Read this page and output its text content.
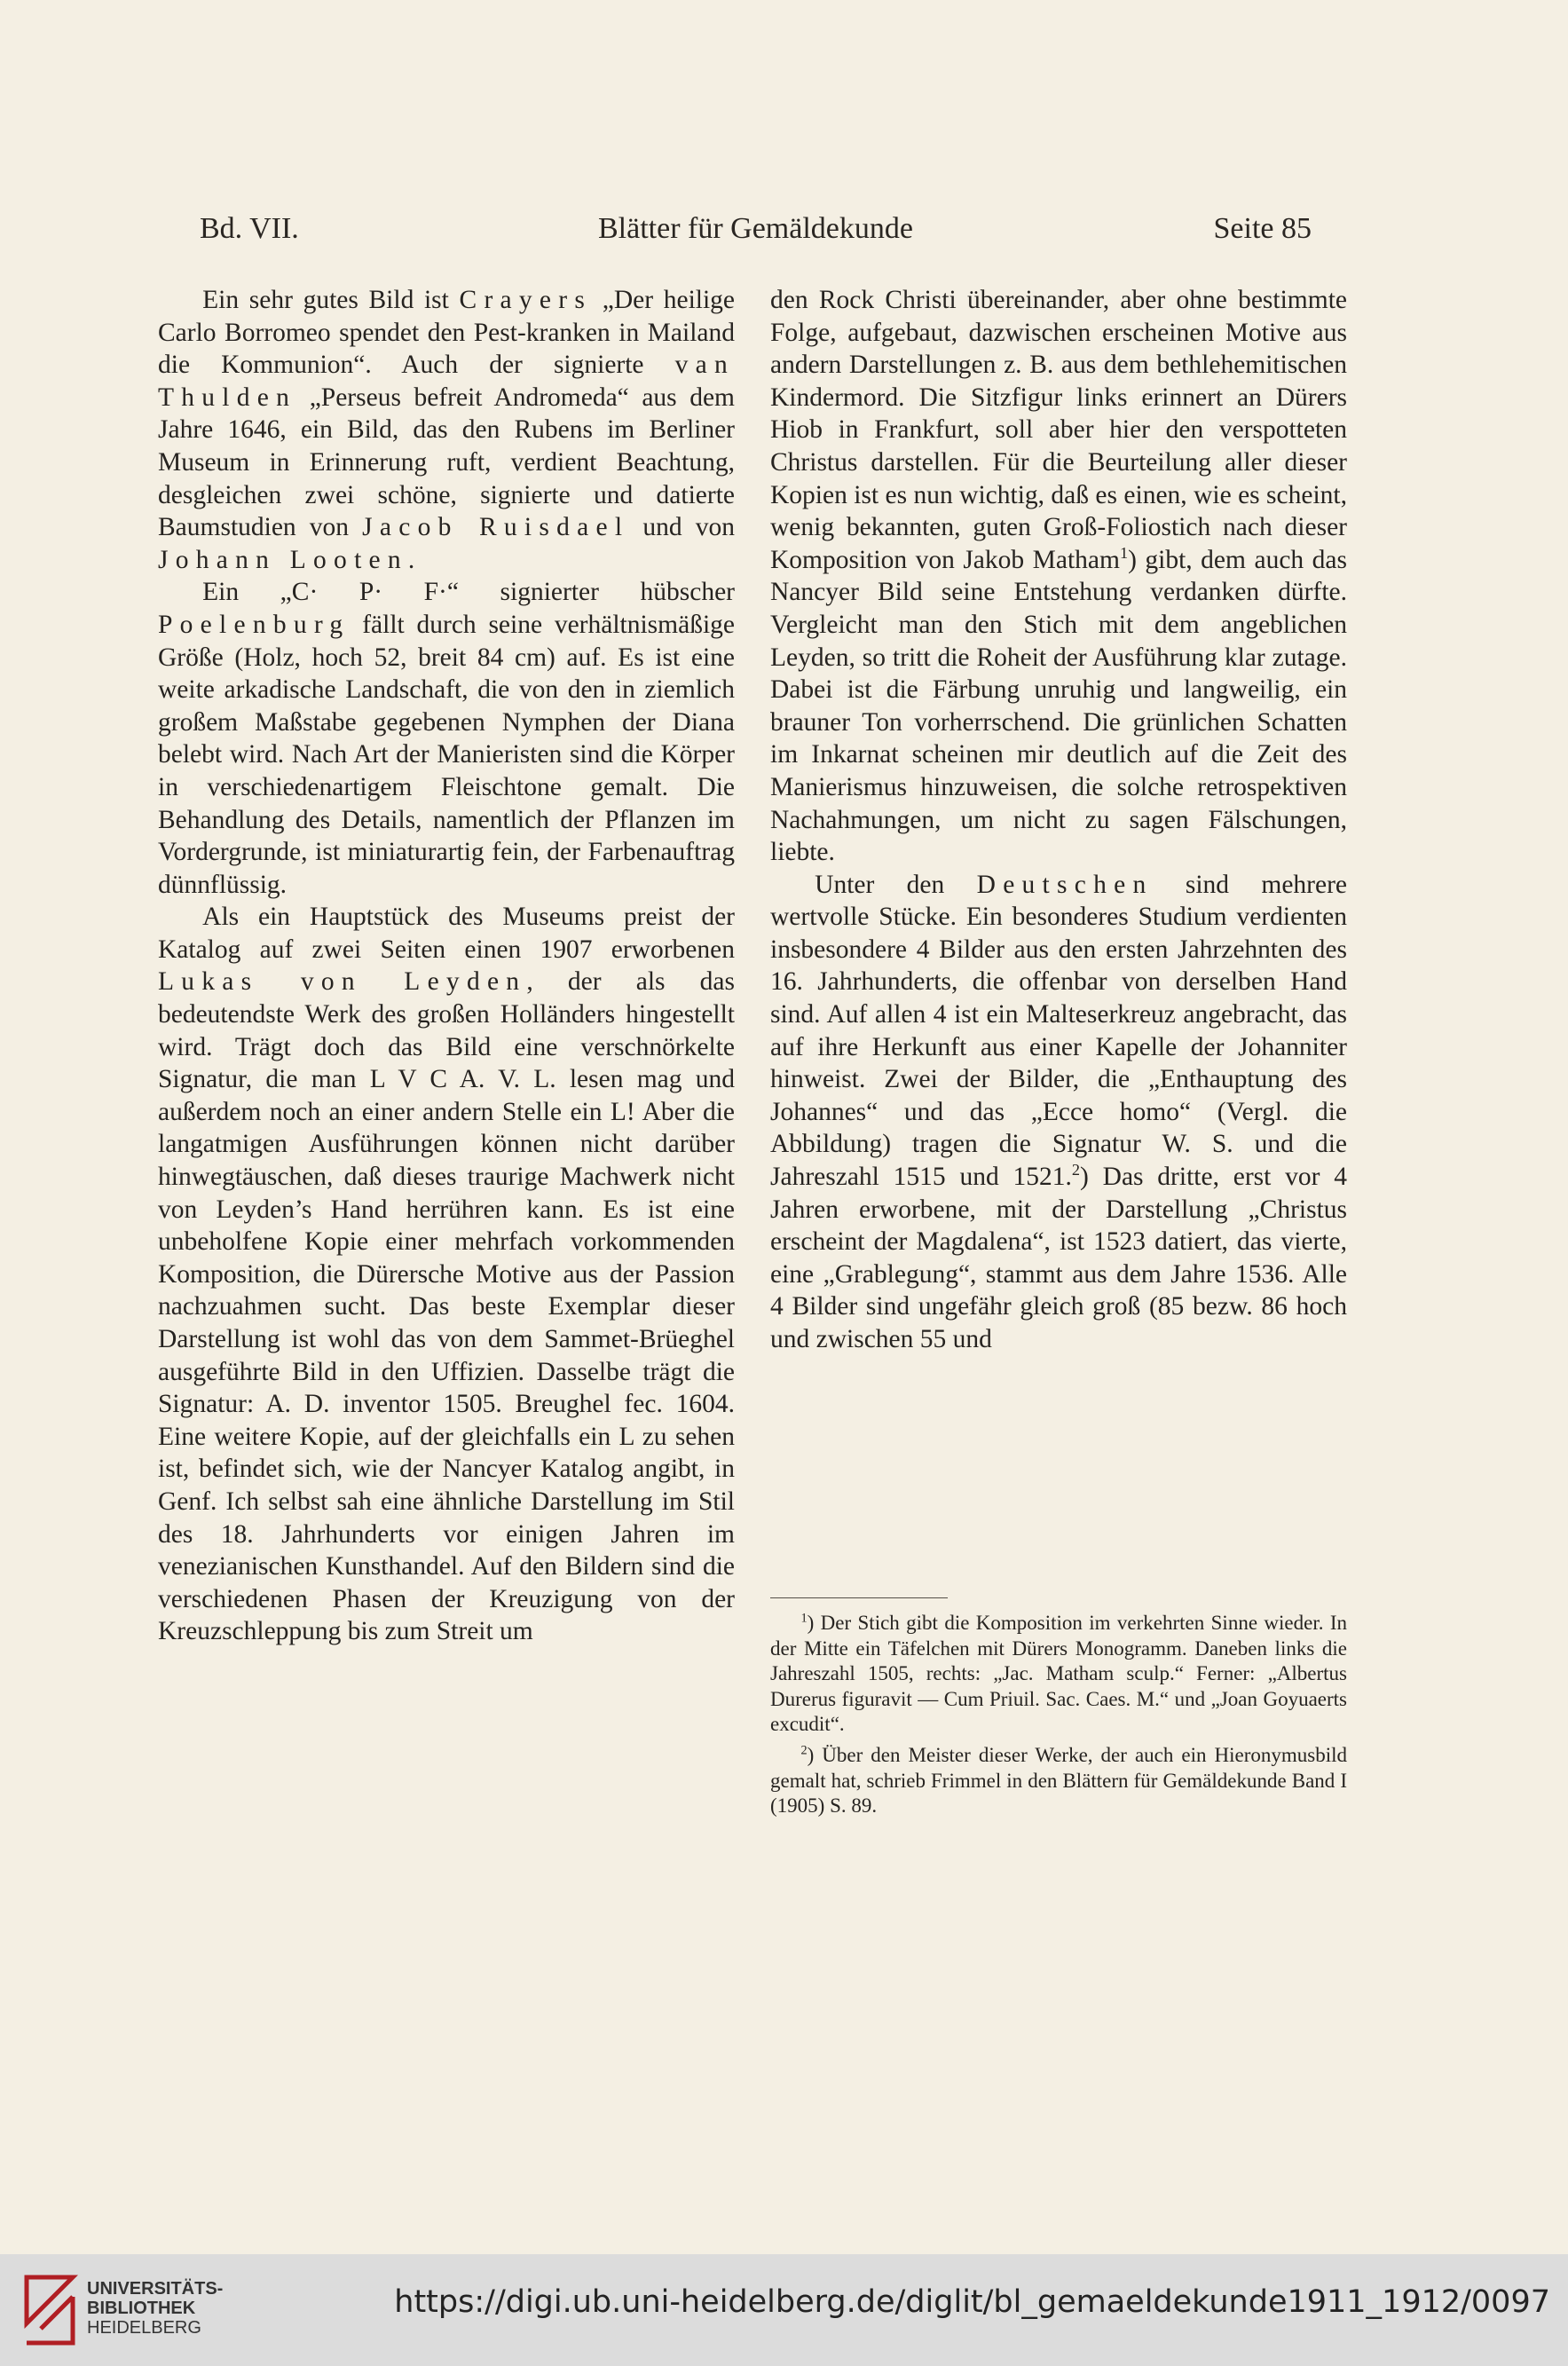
Bd. VII.	Blätter für Gemäldekunde	Seite 85

Ein sehr gutes Bild ist Crayers „Der heilige Carlo Borromeo spendet den Pest-kranken in Mailand die Kommunion“. Auch der signierte van Thulden „Perseus befreit Andromeda“ aus dem Jahre 1646, ein Bild, das den Rubens im Berliner Museum in Erinnerung ruft, verdient Beachtung, desgleichen zwei schöne, signierte und datierte Baumstudien von Jacob Ruisdael und von Johann Looten.

Ein „C· P· F·“ signierter hübscher Poelenburg fällt durch seine verhältnismäßige Größe (Holz, hoch 52, breit 84 cm) auf. Es ist eine weite arkadische Landschaft, die von den in ziemlich großem Maßstabe gegebenen Nymphen der Diana belebt wird. Nach Art der Manieristen sind die Körper in verschiedenartigem Fleischtone gemalt. Die Behandlung des Details, namentlich der Pflanzen im Vordergrunde, ist miniaturartig fein, der Farbenauftrag dünnflüssig.

Als ein Hauptstück des Museums preist der Katalog auf zwei Seiten einen 1907 erworbenen Lukas von Leyden, der als das bedeutendste Werk des großen Holländers hingestellt wird. Trägt doch das Bild eine verschnörkelte Signatur, die man L V C A. V. L. lesen mag und außerdem noch an einer andern Stelle ein L! Aber die langatmigen Ausführungen können nicht darüber hinwegtäuschen, daß dieses traurige Machwerk nicht von Leyden’s Hand herrühren kann. Es ist eine unbeholfene Kopie einer mehrfach vorkommenden Komposition, die Dürersche Motive aus der Passion nachzuahmen sucht. Das beste Exemplar dieser Darstellung ist wohl das von dem Sammet-Brüeghel ausgeführte Bild in den Uffizien. Dasselbe trägt die Signatur: A. D. inventor 1505. Breughel fec. 1604. Eine weitere Kopie, auf der gleichfalls ein L zu sehen ist, befindet sich, wie der Nancyer Katalog angibt, in Genf. Ich selbst sah eine ähnliche Darstellung im Stil des 18. Jahrhunderts vor einigen Jahren im venezianischen Kunsthandel. Auf den Bildern sind die verschiedenen Phasen der Kreuzigung von der Kreuzschleppung bis zum Streit um

den Rock Christi übereinander, aber ohne bestimmte Folge, aufgebaut, dazwischen erscheinen Motive aus andern Darstellungen z. B. aus dem bethlehemitischen Kindermord. Die Sitzfigur links erinnert an Dürers Hiob in Frankfurt, soll aber hier den verspotteten Christus darstellen. Für die Beurteilung aller dieser Kopien ist es nun wichtig, daß es einen, wie es scheint, wenig bekannten, guten Groß-Foliostich nach dieser Komposition von Jakob Matham$^1$) gibt, dem auch das Nancyer Bild seine Entstehung verdanken dürfte. Vergleicht man den Stich mit dem angeblichen Leyden, so tritt die Roheit der Ausführung klar zutage. Dabei ist die Färbung unruhig und langweilig, ein brauner Ton vorherrschend. Die grünlichen Schatten im Inkarnat scheinen mir deutlich auf die Zeit des Manierismus hinzuweisen, die solche retrospektiven Nachahmungen, um nicht zu sagen Fälschungen, liebte.

Unter den Deutschen sind mehrere wertvolle Stücke. Ein besonderes Studium verdienten insbesondere 4 Bilder aus den ersten Jahrzehnten des 16. Jahrhunderts, die offenbar von derselben Hand sind. Auf allen 4 ist ein Malteserkreuz angebracht, das auf ihre Herkunft aus einer Kapelle der Johanniter hinweist. Zwei der Bilder, die „Enthauptung des Johannes“ und das „Ecce homo“ (Vergl. die Abbildung) tragen die Signatur W. S. und die Jahreszahl 1515 und 1521.$^2$) Das dritte, erst vor 4 Jahren erworbene, mit der Darstellung „Christus erscheint der Magdalena“, ist 1523 datiert, das vierte, eine „Grablegung“, stammt aus dem Jahre 1536. Alle 4 Bilder sind ungefähr gleich groß (85 bezw. 86 hoch und zwischen 55 und

$^1$) Der Stich gibt die Komposition im verkehrten Sinne wieder. In der Mitte ein Täfelchen mit Dürers Monogramm. Daneben links die Jahreszahl 1505, rechts: „Jac. Matham sculp.“ Ferner: „Albertus Durerus figuravit — Cum Priuil. Sac. Caes. M.“ und „Joan Goyuaerts excudit“.

$^2$) Über den Meister dieser Werke, der auch ein Hieronymusbild gemalt hat, schrieb Frimmel in den Blättern für Gemäldekunde Band I (1905) S. 89.

UNIVERSITÄTS-
BIBLIOTHEK
HEIDELBERG
https://digi.ub.uni-heidelberg.de/diglit/bl_gemaeldekunde1911_1912/0097
